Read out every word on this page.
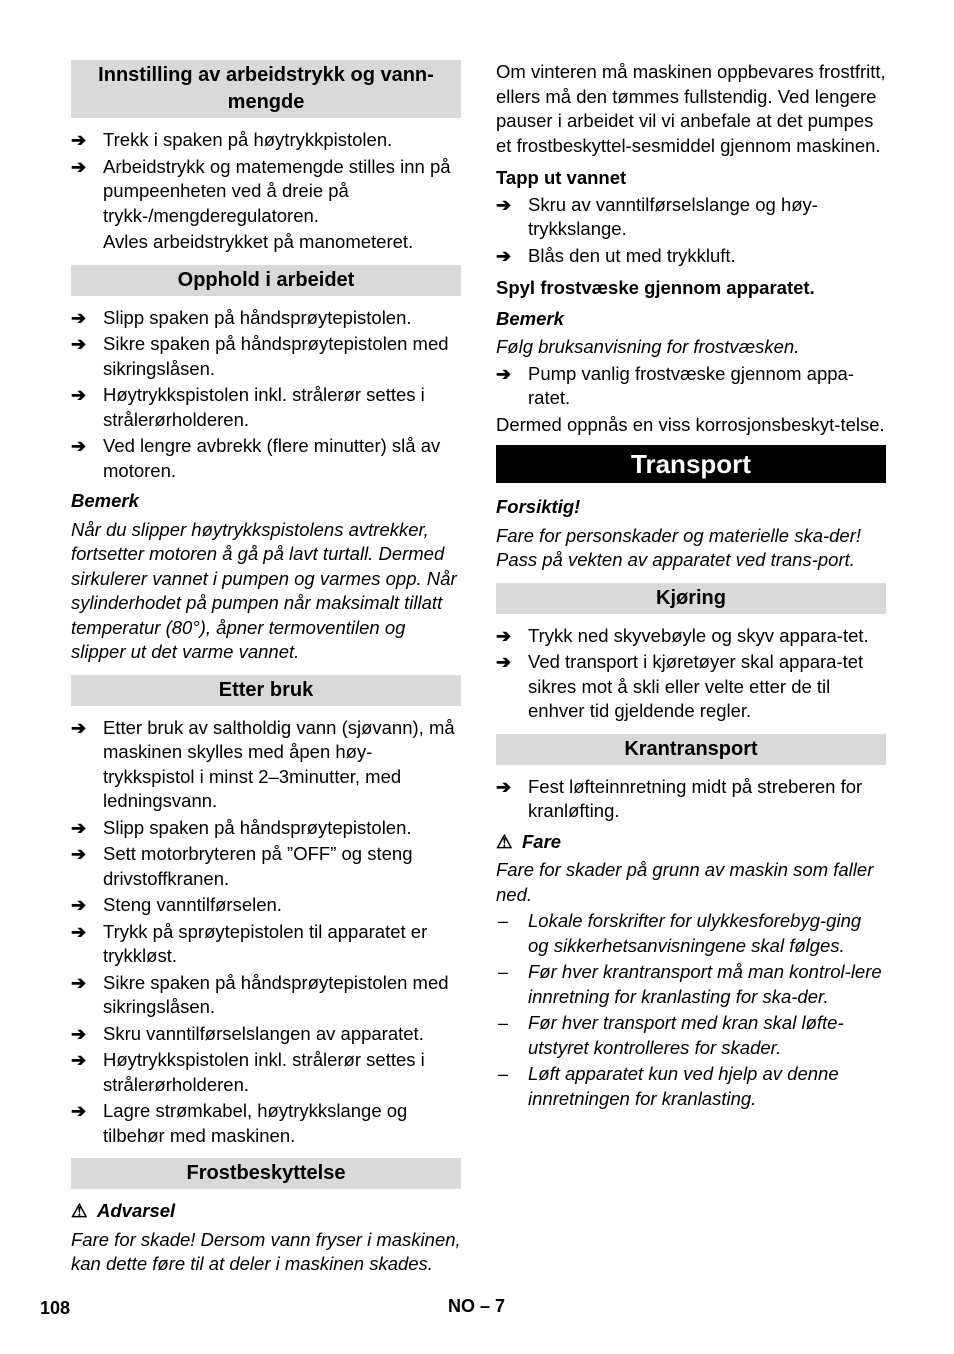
Innstilling av arbeidstrykk og vann-mengde
➔ Trekk i spaken på høytrykkpistolen.
➔ Arbeidstrykk og matemengde stilles inn på pumpeenheten ved å dreie på trykk-/mengderegulatoren.
Avles arbeidstrykket på manometeret.
Opphold i arbeidet
➔ Slipp spaken på håndsprøytepistolen.
➔ Sikre spaken på håndsprøytepistolen med sikringslåsen.
➔ Høytrykkspistolen inkl. strålerør settes i strålerørholderen.
➔ Ved lengre avbrekk (flere minutter) slå av motoren.
Bemerk
Når du slipper høytrykkspistolens avtrekker, fortsetter motoren å gå på lavt turtall. Dermed sirkulerer vannet i pumpen og varmes opp. Når sylinderhodet på pumpen når maksimalt tillatt temperatur (80°), åpner termoventilen og slipper ut det varme vannet.
Etter bruk
➔ Etter bruk av saltholdig vann (sjøvann), må maskinen skylles med åpen høy-trykkspistol i minst 2–3minutter, med ledningsvann.
➔ Slipp spaken på håndsprøytepistolen.
➔ Sett motorbryteren på ”OFF” og steng drivstoffkranen.
➔ Steng vanntilførselen.
➔ Trykk på sprøytepistolen til apparatet er trykkløst.
➔ Sikre spaken på håndsprøytepistolen med sikringslåsen.
➔ Skru vanntilførselslangen av apparatet.
➔ Høytrykkspistolen inkl. strålerør settes i strålerørholderen.
➔ Lagre strømkabel, høytrykkslange og tilbehør med maskinen.
Frostbeskyttelse
⚠ Advarsel
Fare for skade! Dersom vann fryser i maskinen, kan dette føre til at deler i maskinen skades.
Om vinteren må maskinen oppbevares frostfritt, ellers må den tømmes fullstendig. Ved lengere pauser i arbeidet vil vi anbefale at det pumpes et frostbeskyttel-sesmiddel gjennom maskinen.
Tapp ut vannet
➔ Skru av vanntilførselslange og høy-trykkslange.
➔ Blås den ut med trykkluft.
Spyl frostvæske gjennom apparatet.
Bemerk
Følg bruksanvisning for frostvæsken.
➔ Pump vanlig frostvæske gjennom appa-ratet.
Dermed oppnås en viss korrosjonsbeskyt-telse.
Transport
Forsiktig!
Fare for personskader og materielle ska-der! Pass på vekten av apparatet ved trans-port.
Kjøring
➔ Trykk ned skyvebøyle og skyv appara-tet.
➔ Ved transport i kjøretøyer skal appara-tet sikres mot å skli eller velte etter de til enhver tid gjeldende regler.
Krantransport
➔ Fest løfteinnretning midt på streberen for kranløfting.
⚠ Fare
Fare for skader på grunn av maskin som faller ned.
– Lokale forskrifter for ulykkesforebyg-ging og sikkerhetsanvisningene skal følges.
– Før hver krantransport må man kontrol-lere innretning for kranlasting for ska-der.
– Før hver transport med kran skal løfte-utstyret kontrolleres for skader.
– Løft apparatet kun ved hjelp av denne innretningen for kranlasting.
108	NO – 7
